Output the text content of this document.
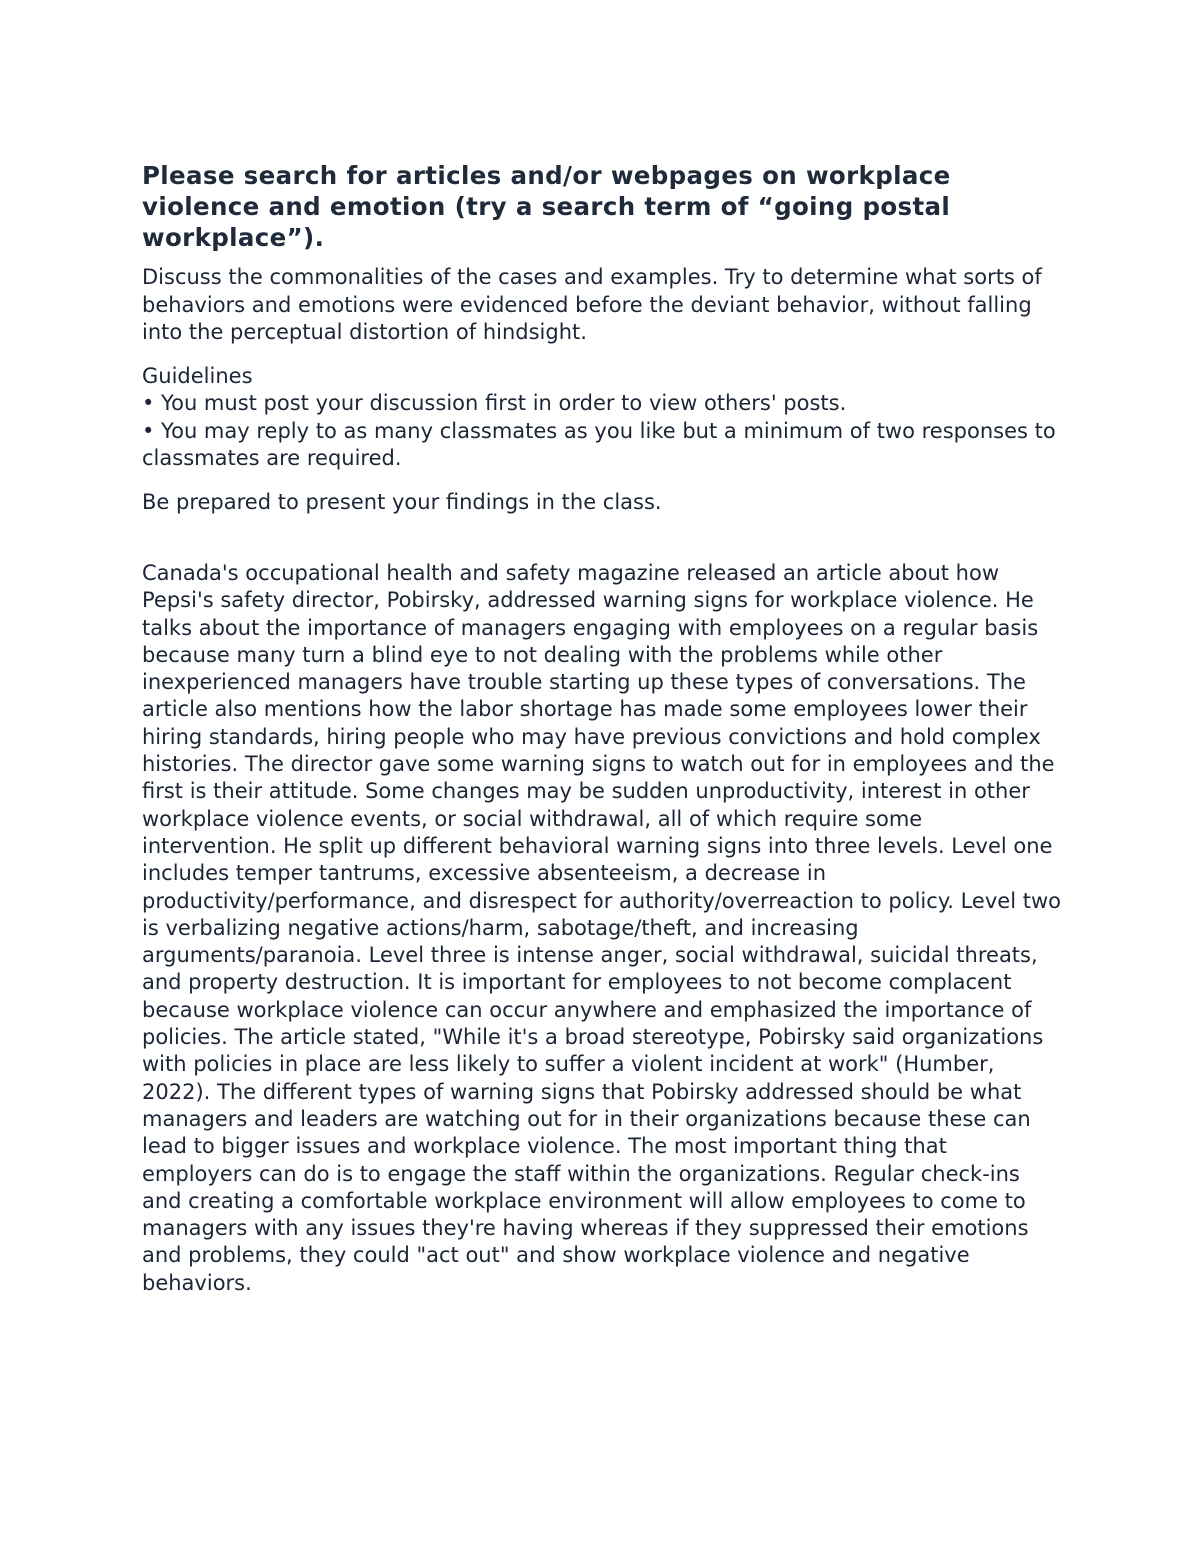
Please search for articles and/or webpages on workplace violence and emotion (try a search term of “going postal workplace”).

Discuss the commonalities of the cases and examples. Try to determine what sorts of behaviors and emotions were evidenced before the deviant behavior, without falling into the perceptual distortion of hindsight.

Guidelines
• You must post your discussion first in order to view others' posts.
• You may reply to as many classmates as you like but a minimum of two responses to classmates are required.

Be prepared to present your findings in the class.

Canada's occupational health and safety magazine released an article about how Pepsi's safety director, Pobirsky, addressed warning signs for workplace violence. He talks about the importance of managers engaging with employees on a regular basis because many turn a blind eye to not dealing with the problems while other inexperienced managers have trouble starting up these types of conversations. The article also mentions how the labor shortage has made some employees lower their hiring standards, hiring people who may have previous convictions and hold complex histories. The director gave some warning signs to watch out for in employees and the first is their attitude. Some changes may be sudden unproductivity, interest in other workplace violence events, or social withdrawal, all of which require some intervention. He split up different behavioral warning signs into three levels. Level one includes temper tantrums, excessive absenteeism, a decrease in productivity/performance, and disrespect for authority/overreaction to policy. Level two is verbalizing negative actions/harm, sabotage/theft, and increasing arguments/paranoia. Level three is intense anger, social withdrawal, suicidal threats, and property destruction. It is important for employees to not become complacent because workplace violence can occur anywhere and emphasized the importance of policies. The article stated, "While it's a broad stereotype, Pobirsky said organizations with policies in place are less likely to suffer a violent incident at work" (Humber, 2022). The different types of warning signs that Pobirsky addressed should be what managers and leaders are watching out for in their organizations because these can lead to bigger issues and workplace violence. The most important thing that employers can do is to engage the staff within the organizations. Regular check-ins and creating a comfortable workplace environment will allow employees to come to managers with any issues they're having whereas if they suppressed their emotions and problems, they could "act out" and show workplace violence and negative behaviors.
